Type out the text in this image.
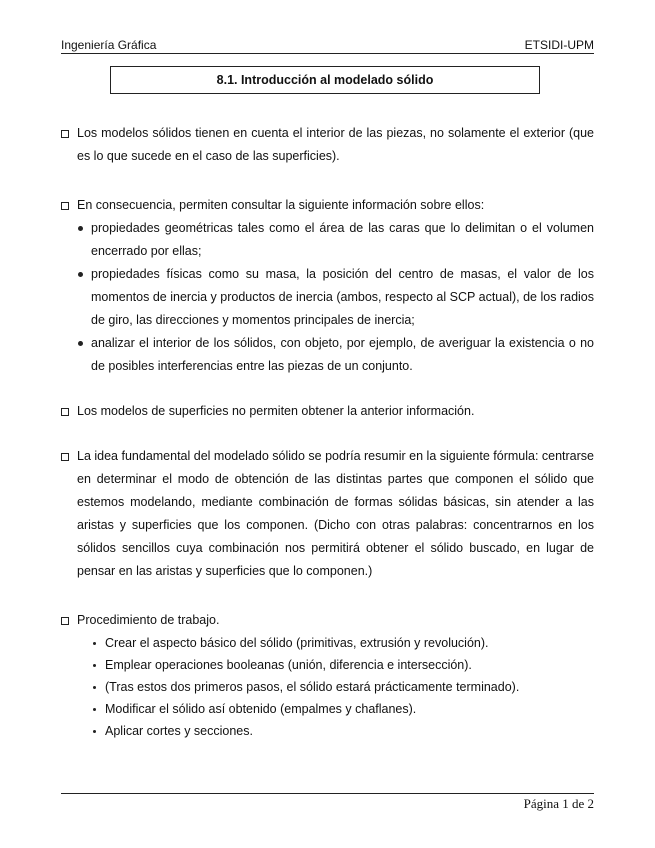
Ingeniería Gráfica	ETSIDI-UPM
8.1. Introducción al modelado sólido
Los modelos sólidos tienen en cuenta el interior de las piezas, no solamente el exterior (que es lo que sucede en el caso de las superficies).
En consecuencia, permiten consultar la siguiente información sobre ellos:
propiedades geométricas tales como el área de las caras que lo delimitan o el volumen encerrado por ellas;
propiedades físicas como su masa, la posición del centro de masas, el valor de los momentos de inercia y productos de inercia (ambos, respecto al SCP actual), de los radios de giro, las direcciones y momentos principales de inercia;
analizar el interior de los sólidos, con objeto, por ejemplo, de averiguar la existencia o no de posibles interferencias entre las piezas de un conjunto.
Los modelos de superficies no permiten obtener la anterior información.
La idea fundamental del modelado sólido se podría resumir en la siguiente fórmula: centrarse en determinar el modo de obtención de las distintas partes que componen el sólido que estemos modelando, mediante combinación de formas sólidas básicas, sin atender a las aristas y superficies que los componen. (Dicho con otras palabras: concentrarnos en los sólidos sencillos cuya combinación nos permitirá obtener el sólido buscado, en lugar de pensar en las aristas y superficies que lo componen.)
Procedimiento de trabajo.
Crear el aspecto básico del sólido (primitivas, extrusión y revolución).
Emplear operaciones booleanas (unión, diferencia e intersección).
(Tras estos dos primeros pasos, el sólido estará prácticamente terminado).
Modificar el sólido así obtenido (empalmes y chaflanes).
Aplicar cortes y secciones.
Página 1 de 2
